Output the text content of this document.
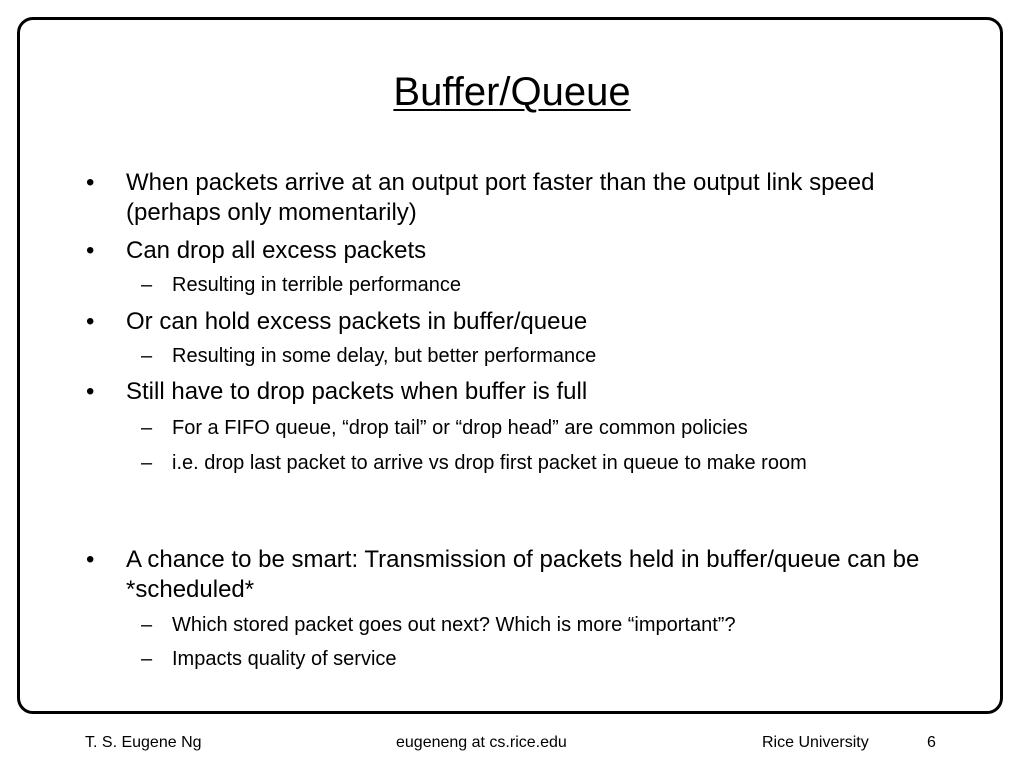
Buffer/Queue
• When packets arrive at an output port faster than the output link speed (perhaps only momentarily)
• Can drop all excess packets
– Resulting in terrible performance
• Or can hold excess packets in buffer/queue
– Resulting in some delay, but better performance
• Still have to drop packets when buffer is full
– For a FIFO queue, “drop tail” or “drop head” are common policies
– i.e. drop last packet to arrive vs drop first packet in queue to make room
• A chance to be smart: Transmission of packets held in buffer/queue can be *scheduled*
– Which stored packet goes out next? Which is more “important”?
– Impacts quality of service
T. S. Eugene Ng	eugeneng at cs.rice.edu	Rice University	6
